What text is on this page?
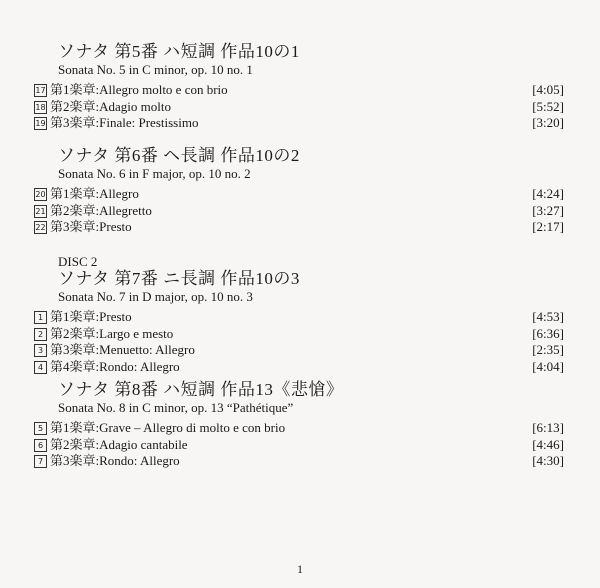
ソナタ 第5番 ハ短調 作品10の1
Sonata No. 5 in C minor, op. 10 no. 1
17 第1楽章:Allegro molto e con brio	[4:05]
18 第2楽章:Adagio molto	[5:52]
19 第3楽章:Finale: Prestissimo	[3:20]
ソナタ 第6番 ヘ長調 作品10の2
Sonata No. 6 in F major, op. 10 no. 2
20 第1楽章:Allegro	[4:24]
21 第2楽章:Allegretto	[3:27]
22 第3楽章:Presto	[2:17]
DISC 2
ソナタ 第7番 ニ長調 作品10の3
Sonata No. 7 in D major, op. 10 no. 3
1 第1楽章:Presto	[4:53]
2 第2楽章:Largo e mesto	[6:36]
3 第3楽章:Menuetto: Allegro	[2:35]
4 第4楽章:Rondo: Allegro	[4:04]
ソナタ 第8番 ハ短調 作品13《悲愴》
Sonata No. 8 in C minor, op. 13 “Pathétique”
5 第1楽章:Grave – Allegro di molto e con brio	[6:13]
6 第2楽章:Adagio cantabile	[4:46]
7 第3楽章:Rondo: Allegro	[4:30]
1
